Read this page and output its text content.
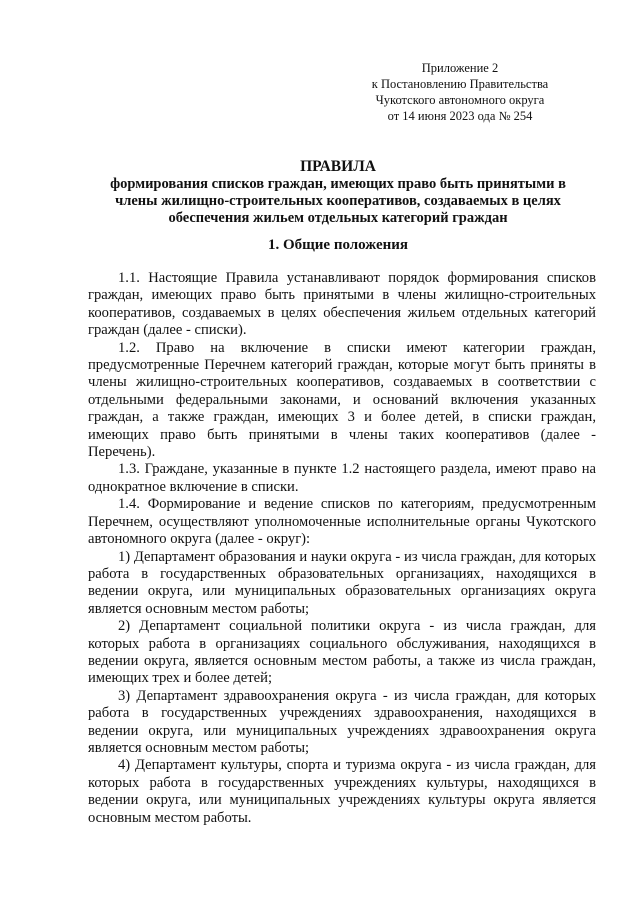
Приложение 2
к Постановлению Правительства
Чукотского автономного округа
от 14 июня 2023 ода № 254
ПРАВИЛА
формирования списков граждан, имеющих право быть принятыми в
члены жилищно-строительных кооперативов, создаваемых в целях
обеспечения жильем отдельных категорий граждан
1. Общие положения

1.1. Настоящие Правила устанавливают порядок формирования списков граждан, имеющих право быть принятыми в члены жилищно-строительных кооперативов, создаваемых в целях обеспечения жильем отдельных категорий граждан (далее - списки).

1.2. Право на включение в списки имеют категории граждан, предусмотренные Перечнем категорий граждан, которые могут быть приняты в члены жилищно-строительных кооперативов, создаваемых в соответствии с отдельными федеральными законами, и оснований включения указанных граждан, а также граждан, имеющих 3 и более детей, в списки граждан, имеющих право быть принятыми в члены таких кооперативов (далее - Перечень).

1.3. Граждане, указанные в пункте 1.2 настоящего раздела, имеют право на однократное включение в списки.

1.4. Формирование и ведение списков по категориям, предусмотренным Перечнем, осуществляют уполномоченные исполнительные органы Чукотского автономного округа (далее - округ):

1) Департамент образования и науки округа - из числа граждан, для которых работа в государственных образовательных организациях, находящихся в ведении округа, или муниципальных образовательных организациях округа является основным местом работы;

2) Департамент социальной политики округа - из числа граждан, для которых работа в организациях социального обслуживания, находящихся в ведении округа, является основным местом работы, а также из числа граждан, имеющих трех и более детей;

3) Департамент здравоохранения округа - из числа граждан, для которых работа в государственных учреждениях здравоохранения, находящихся в ведении округа, или муниципальных учреждениях здравоохранения округа является основным местом работы;

4) Департамент культуры, спорта и туризма округа - из числа граждан, для которых работа в государственных учреждениях культуры, находящихся в ведении округа, или муниципальных учреждениях культуры округа является основным местом работы.
